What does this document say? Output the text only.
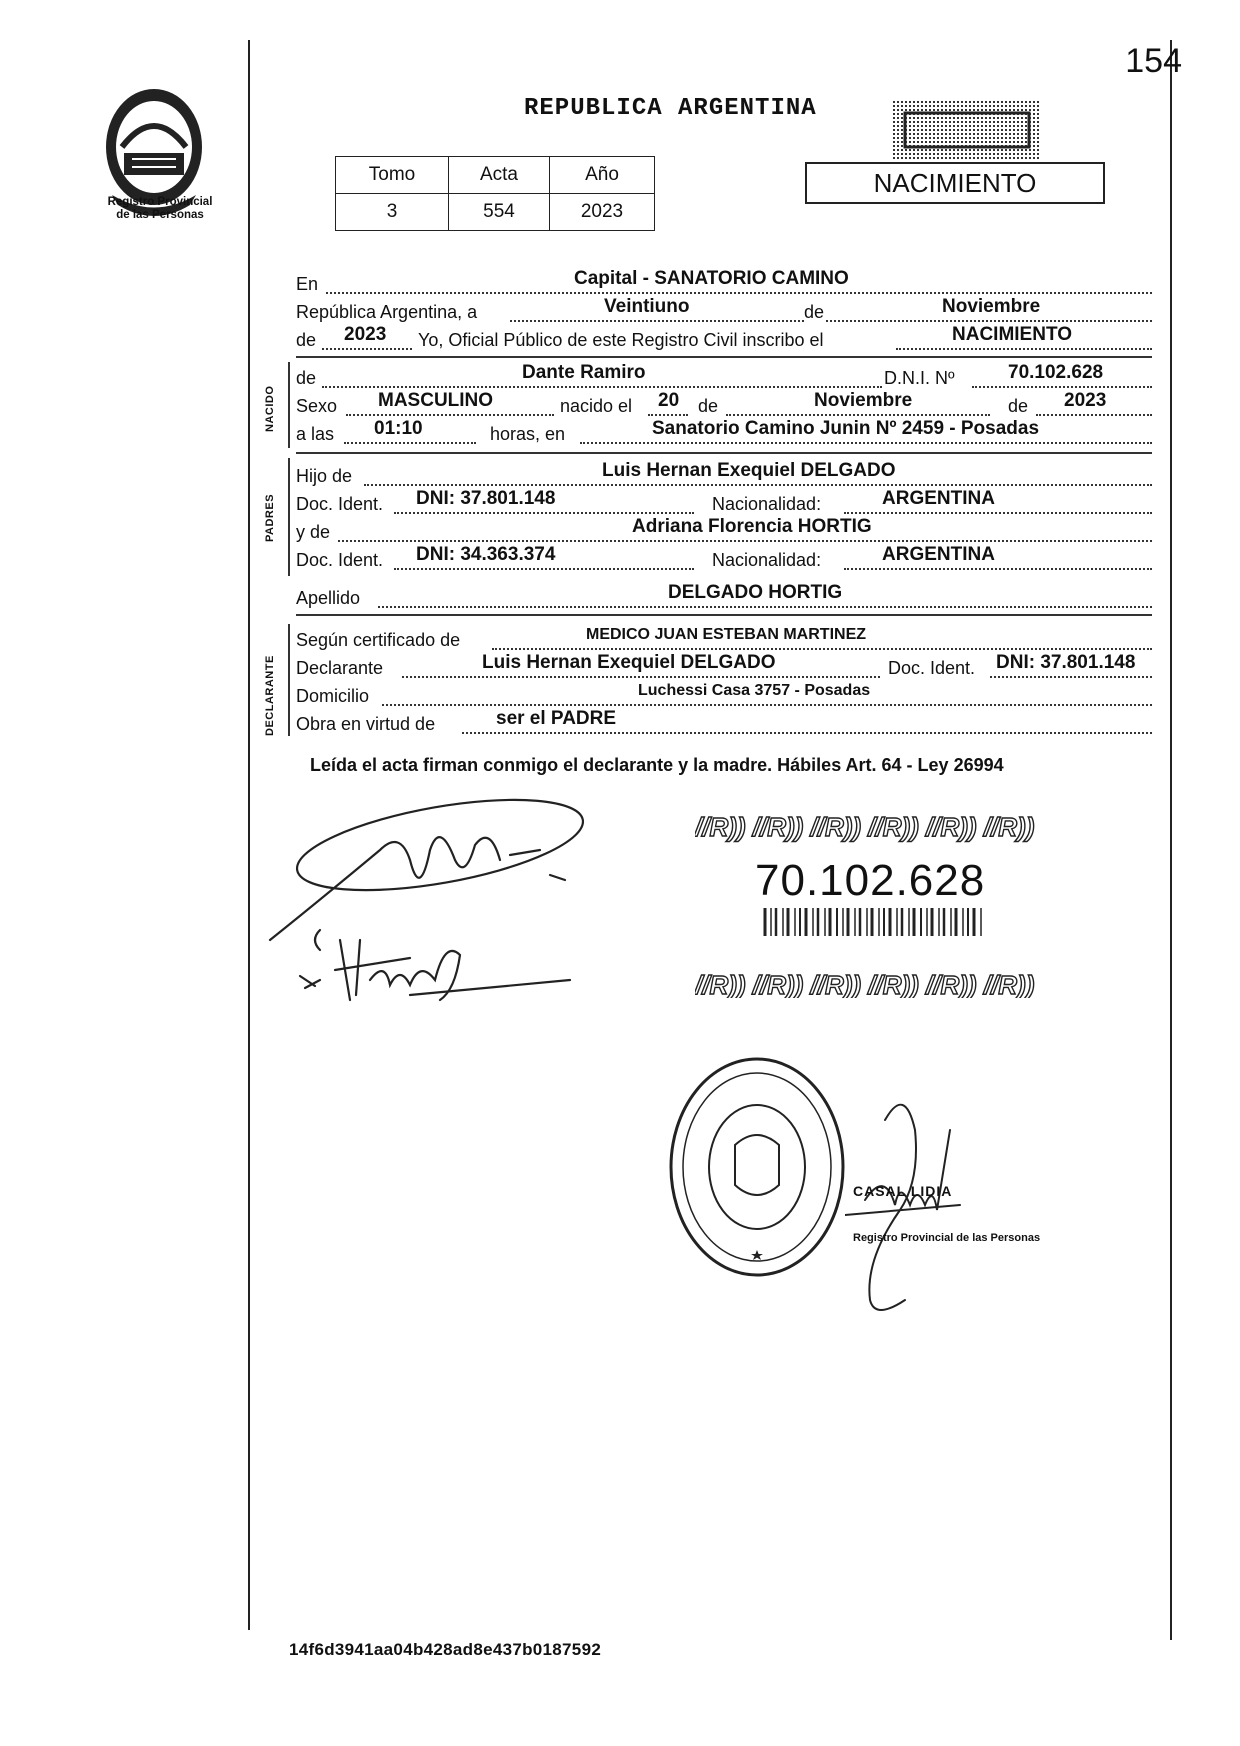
154
Registro Provincial
de las Personas
REPUBLICA ARGENTINA
Tomo	Acta	Año
3	554	2023
NACIMIENTO
En	Capital - SANATORIO CAMINO
República Argentina, a	Veintiuno	de	Noviembre
de 2023 Yo, Oficial Público de este Registro Civil inscribo el	NACIMIENTO
NACIDO
de	Dante Ramiro	D.N.I. Nº	70.102.628
Sexo MASCULINO	nacido el 20 de	Noviembre	de 2023
a las 01:10	horas, en	Sanatorio Camino Junin Nº 2459 - Posadas
PADRES
Hijo de	Luis Hernan Exequiel DELGADO
Doc. Ident. DNI: 37.801.148	Nacionalidad:	ARGENTINA
y de	Adriana Florencia HORTIG
Doc. Ident. DNI: 34.363.374	Nacionalidad:	ARGENTINA
Apellido	DELGADO HORTIG
DECLARANTE
Según certificado de	MEDICO JUAN ESTEBAN MARTINEZ
Declarante	Luis Hernan Exequiel DELGADO	Doc. Ident. DNI: 37.801.148
Domicilio	Luchessi Casa 3757 - Posadas
Obra en virtud de	ser el PADRE
Leída el acta firman conmigo el declarante y la madre. Hábiles Art. 64 - Ley 26994
//R)) //R)) //R)) //R)) //R)) //R))
//R)) //R)) //R)) //R)) //R)) //R))
70.102.628
CASAL LIDIA
Registro Provincial de las Personas
14f6d3941aa04b428ad8e437b0187592
